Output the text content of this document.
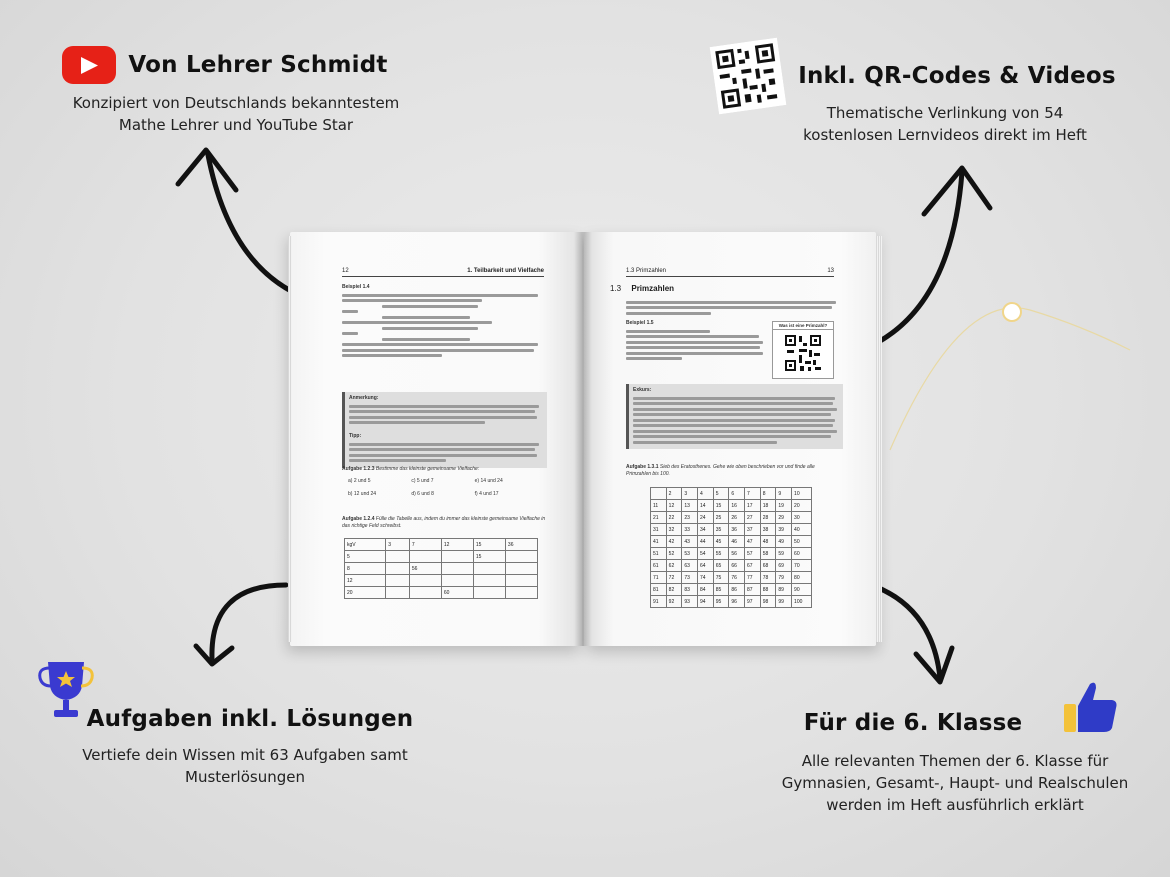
Von Lehrer Schmidt

Konzipiert von Deutschlands bekanntestem Mathe Lehrer und YouTube Star

Inkl. QR-Codes & Videos

Thematische Verlinkung von 54 kostenlosen Lernvideos direkt im Heft

Aufgaben inkl. Lösungen

Vertiefe dein Wissen mit 63 Aufgaben samt Musterlösungen

Für die 6. Klasse

Alle relevanten Themen der 6. Klasse für Gymnasien, Gesamt-, Haupt- und Realschulen werden im Heft ausführlich erklärt

12	1. Teilbarkeit und Vielfache
Beispiel 1.4
Anmerkung:
Tipp:
Aufgabe 1.2.3 Bestimme das kleinste gemeinsame Vielfache:
a) 2 und 5	c) 5 und 7	e) 14 und 24
b) 12 und 24	d) 6 und 8	f) 4 und 17
Aufgabe 1.2.4 Fülle die Tabelle aus, indem du immer das kleinste gemeinsame Vielfache in das richtige Feld schreibst.
kgV	3	7	12	15	36
5				15	
8		56			
12					
20			60		
1.3 Primzahlen	13
1.3 Primzahlen
Beispiel 1.5	Was ist eine Primzahl?
Exkurs:
Aufgabe 1.3.1 Sieb des Eratosthenes. Gehe wie oben beschrieben vor und finde alle Primzahlen bis 100.
	2	3	4	5	6	7	8	9	10
11	12	13	14	15	16	17	18	19	20
21	22	23	24	25	26	27	28	29	30
31	32	33	34	35	36	37	38	39	40
41	42	43	44	45	46	47	48	49	50
51	52	53	54	55	56	57	58	59	60
61	62	63	64	65	66	67	68	69	70
71	72	73	74	75	76	77	78	79	80
81	82	83	84	85	86	87	88	89	90
91	92	93	94	95	96	97	98	99	100
